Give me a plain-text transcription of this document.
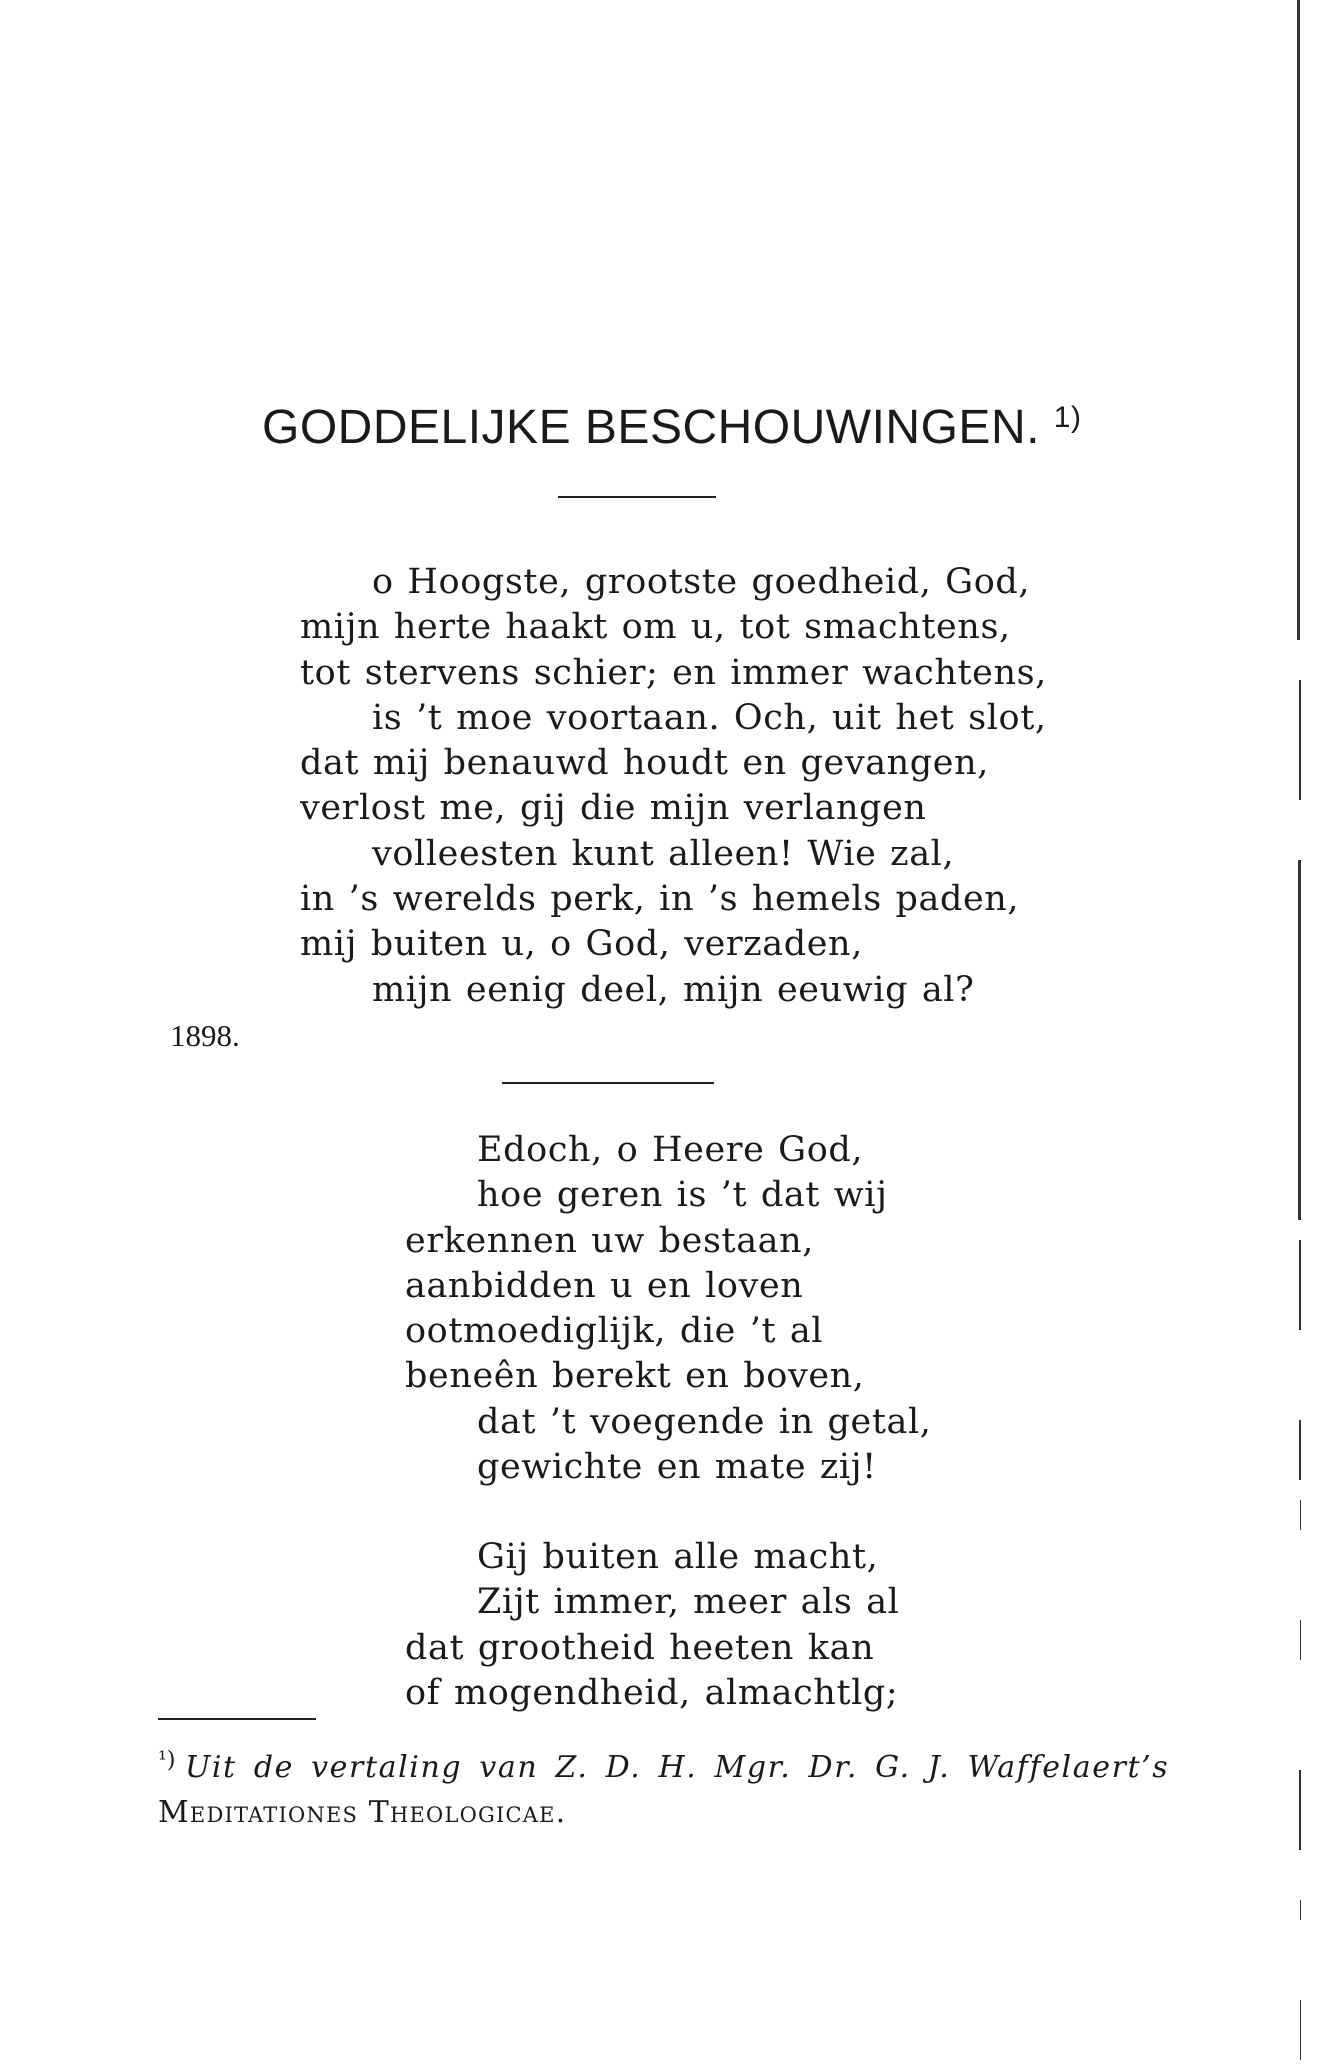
GODDELIJKE BESCHOUWINGEN. $^{1)}$
o Hoogste, grootste goedheid, God,
mijn herte haakt om u, tot smachtens,
tot stervens schier; en immer wachtens,
is ’t moe voortaan. Och, uit het slot,
dat mij benauwd houdt en gevangen,
verlost me, gij die mijn verlangen
volleesten kunt alleen! Wie zal,
in ’s werelds perk, in ’s hemels paden,
mij buiten u, o God, verzaden,
mijn eenig deel, mijn eeuwig al?
1898.
Edoch, o Heere God,
hoe geren is ’t dat wij
erkennen uw bestaan,
aanbidden u en loven
ootmoediglijk, die ’t al
beneên berekt en boven,
dat ’t voegende in getal,
gewichte en mate zij!
Gij buiten alle macht,
Zijt immer, meer als al
dat grootheid heeten kan
of mogendheid, almachtlg;
$^{^1)}$ Uit de vertaling van Z. D. H. Mgr. Dr. G. J. Waffelaert’s
Meditationes Theologicae.
